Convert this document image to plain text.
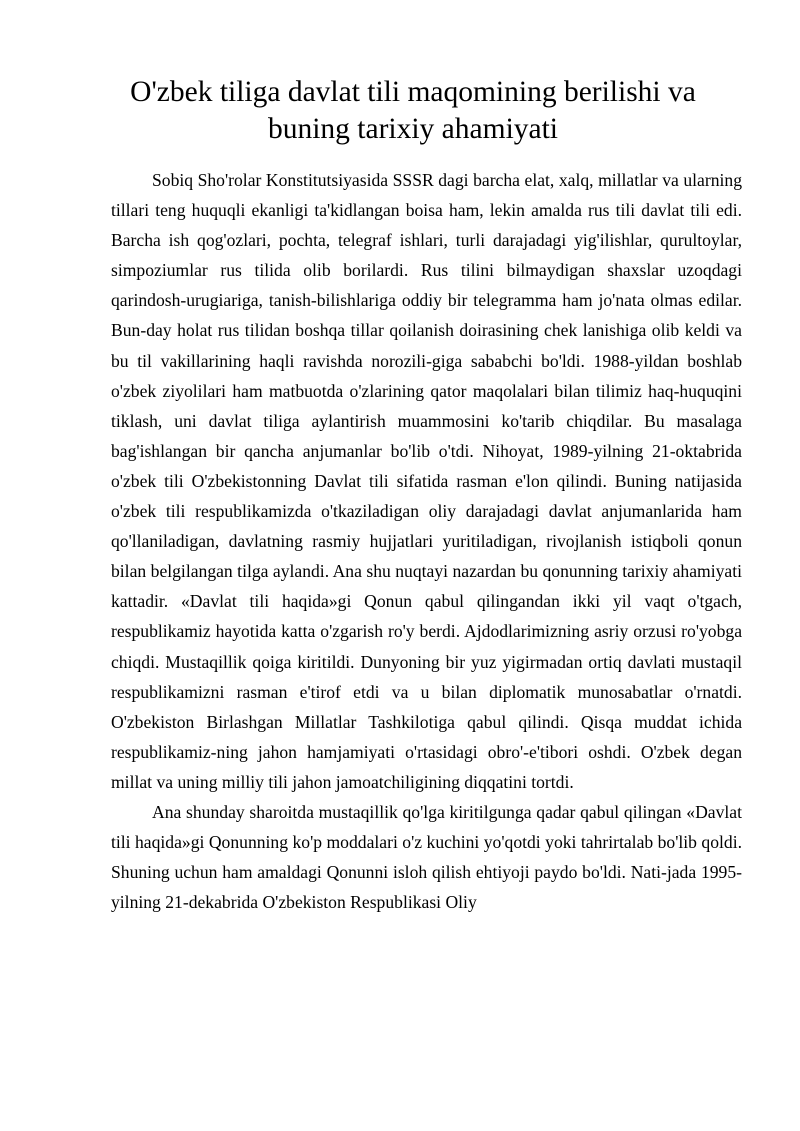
O'zbek tiliga davlat tili maqomining berilishi va buning tarixiy ahamiyati

Sobiq Sho'rolar Konstitutsiyasida SSSR dagi barcha elat, xalq, millatlar va ularning tillari teng huquqli ekanligi ta'kidlangan boisa ham, lekin amalda rus tili davlat tili edi. Barcha ish qog'ozlari, pochta, telegraf ishlari, turli darajadagi yig'ilishlar, qurultoylar, simpoziumlar rus tilida olib borilardi. Rus tilini bilmaydigan shaxslar uzoqdagi qarindosh-urugiariga, tanish-bilishlariga oddiy bir telegramma ham jo'nata olmas edilar. Bun-day holat rus tilidan boshqa tillar qoilanish doirasining chek lanishiga olib keldi va bu til vakillarining haqli ravishda norozili-giga sababchi bo'ldi. 1988-yildan boshlab o'zbek ziyolilari ham matbuotda o'zlarining qator maqolalari bilan tilimiz haq-huquqini tiklash, uni davlat tiliga aylantirish muammosini ko'tarib chiqdilar. Bu masalaga bag'ishlangan bir qancha anjumanlar bo'lib o'tdi. Nihoyat, 1989-yilning 21-oktabrida o'zbek tili O'zbekistonning Davlat tili sifatida rasman e'lon qilindi. Buning natijasida o'zbek tili respublikamizda o'tkaziladigan oliy darajadagi davlat anjumanlarida ham qo'llaniladigan, davlatning rasmiy hujjatlari yuritiladigan, rivojlanish istiqboli qonun bilan belgilangan tilga aylandi. Ana shu nuqtayi nazardan bu qonunning tarixiy ahamiyati kattadir. «Davlat tili haqida»gi Qonun qabul qilingandan ikki yil vaqt o'tgach, respublikamiz hayotida katta o'zgarish ro'y berdi. Ajdodlarimizning asriy orzusi ro'yobga chiqdi. Mustaqillik qoiga kiritildi. Dunyoning bir yuz yigirmadan ortiq davlati mustaqil respublikamizni rasman e'tirof etdi va u bilan diplomatik munosabatlar o'rnatdi. O'zbekiston Birlashgan Millatlar Tashkilotiga qabul qilindi. Qisqa muddat ichida respublikamiz-ning jahon hamjamiyati o'rtasidagi obro'-e'tibori oshdi. O'zbek degan millat va uning milliy tili jahon jamoatchiligining diqqatini tortdi.

Ana shunday sharoitda mustaqillik qo'lga kiritilgunga qadar qabul qilingan «Davlat tili haqida»gi Qonunning ko'p moddalari o'z kuchini yo'qotdi yoki tahrirtalab bo'lib qoldi. Shuning uchun ham amaldagi Qonunni isloh qilish ehtiyoji paydo bo'ldi. Nati-jada 1995-yilning 21-dekabrida O'zbekiston Respublikasi Oliy
